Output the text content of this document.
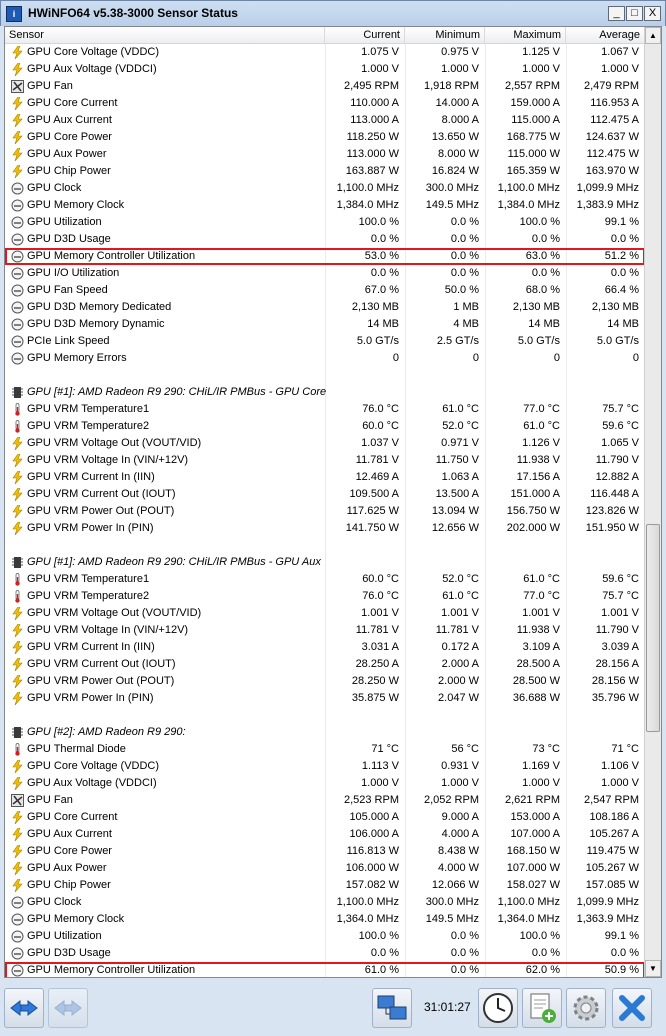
i	HWiNFO64 v5.38-3000 Sensor Status	_	□	X
Sensor	Current	Minimum	Maximum	Average
GPU Core Voltage (VDDC)	1.075 V	0.975 V	1.125 V	1.067 V
GPU Aux Voltage (VDDCI)	1.000 V	1.000 V	1.000 V	1.000 V
GPU Fan	2,495 RPM	1,918 RPM	2,557 RPM	2,479 RPM
GPU Core Current	110.000 A	14.000 A	159.000 A	116.953 A
GPU Aux Current	113.000 A	8.000 A	115.000 A	112.475 A
GPU Core Power	118.250 W	13.650 W	168.775 W	124.637 W
GPU Aux Power	113.000 W	8.000 W	115.000 W	112.475 W
GPU Chip Power	163.887 W	16.824 W	165.359 W	163.970 W
GPU Clock	1,100.0 MHz	300.0 MHz	1,100.0 MHz	1,099.9 MHz
GPU Memory Clock	1,384.0 MHz	149.5 MHz	1,384.0 MHz	1,383.9 MHz
GPU Utilization	100.0 %	0.0 %	100.0 %	99.1 %
GPU D3D Usage	0.0 %	0.0 %	0.0 %	0.0 %
GPU Memory Controller Utilization	53.0 %	0.0 %	63.0 %	51.2 %
GPU I/O Utilization	0.0 %	0.0 %	0.0 %	0.0 %
GPU Fan Speed	67.0 %	50.0 %	68.0 %	66.4 %
GPU D3D Memory Dedicated	2,130 MB	1 MB	2,130 MB	2,130 MB
GPU D3D Memory Dynamic	14 MB	4 MB	14 MB	14 MB
PCIe Link Speed	5.0 GT/s	2.5 GT/s	5.0 GT/s	5.0 GT/s
GPU Memory Errors	0	0	0	0
GPU [#1]: AMD Radeon R9 290: CHiL/IR PMBus - GPU Core
GPU VRM Temperature1	76.0 °C	61.0 °C	77.0 °C	75.7 °C
GPU VRM Temperature2	60.0 °C	52.0 °C	61.0 °C	59.6 °C
GPU VRM Voltage Out (VOUT/VID)	1.037 V	0.971 V	1.126 V	1.065 V
GPU VRM Voltage In (VIN/+12V)	11.781 V	11.750 V	11.938 V	11.790 V
GPU VRM Current In (IIN)	12.469 A	1.063 A	17.156 A	12.882 A
GPU VRM Current Out (IOUT)	109.500 A	13.500 A	151.000 A	116.448 A
GPU VRM Power Out (POUT)	117.625 W	13.094 W	156.750 W	123.826 W
GPU VRM Power In (PIN)	141.750 W	12.656 W	202.000 W	151.950 W
GPU [#1]: AMD Radeon R9 290: CHiL/IR PMBus - GPU Aux
GPU VRM Temperature1	60.0 °C	52.0 °C	61.0 °C	59.6 °C
GPU VRM Temperature2	76.0 °C	61.0 °C	77.0 °C	75.7 °C
GPU VRM Voltage Out (VOUT/VID)	1.001 V	1.001 V	1.001 V	1.001 V
GPU VRM Voltage In (VIN/+12V)	11.781 V	11.781 V	11.938 V	11.790 V
GPU VRM Current In (IIN)	3.031 A	0.172 A	3.109 A	3.039 A
GPU VRM Current Out (IOUT)	28.250 A	2.000 A	28.500 A	28.156 A
GPU VRM Power Out (POUT)	28.250 W	2.000 W	28.500 W	28.156 W
GPU VRM Power In (PIN)	35.875 W	2.047 W	36.688 W	35.796 W
GPU [#2]: AMD Radeon R9 290:
GPU Thermal Diode	71 °C	56 °C	73 °C	71 °C
GPU Core Voltage (VDDC)	1.113 V	0.931 V	1.169 V	1.106 V
GPU Aux Voltage (VDDCI)	1.000 V	1.000 V	1.000 V	1.000 V
GPU Fan	2,523 RPM	2,052 RPM	2,621 RPM	2,547 RPM
GPU Core Current	105.000 A	9.000 A	153.000 A	108.186 A
GPU Aux Current	106.000 A	4.000 A	107.000 A	105.267 A
GPU Core Power	116.813 W	8.438 W	168.150 W	119.475 W
GPU Aux Power	106.000 W	4.000 W	107.000 W	105.267 W
GPU Chip Power	157.082 W	12.066 W	158.027 W	157.085 W
GPU Clock	1,100.0 MHz	300.0 MHz	1,100.0 MHz	1,099.9 MHz
GPU Memory Clock	1,364.0 MHz	149.5 MHz	1,364.0 MHz	1,363.9 MHz
GPU Utilization	100.0 %	0.0 %	100.0 %	99.1 %
GPU D3D Usage	0.0 %	0.0 %	0.0 %	0.0 %
GPU Memory Controller Utilization	61.0 %	0.0 %	62.0 %	50.9 %
▲
▼
31:01:27
